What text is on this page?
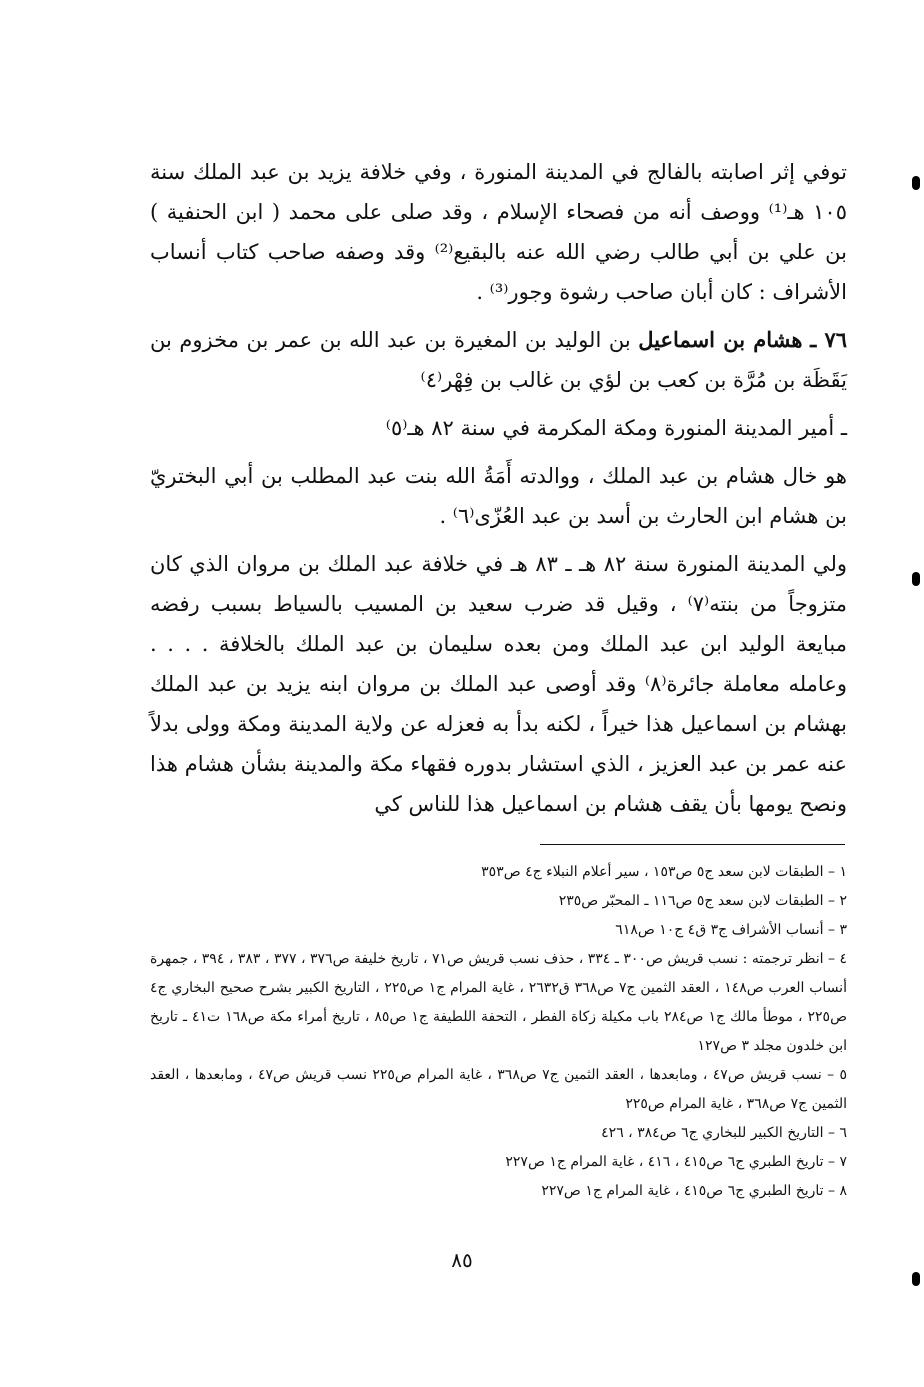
توفي إثر اصابته بالفالج في المدينة المنورة ، وفي خلافة يزيد بن عبد الملك سنة ١٠٥ هـ⁽¹⁾ ووصف أنه من فصحاء الإسلام ، وقد صلى على محمد ( ابن الحنفية ) بن علي بن أبي طالب رضي الله عنه بالبقيع⁽²⁾ وقد وصفه صاحب كتاب أنساب الأشراف : كان أبان صاحب رشوة وجور⁽³⁾ .

٧٦ ـ هشام بن اسماعيل بن الوليد بن المغيرة بن عبد الله بن عمر بن مخزوم بن يَقَظَة بن مُرَّة بن كعب بن لؤي بن غالب بن فِهْر⁽٤⁾

ـ أمير المدينة المنورة ومكة المكرمة في سنة ٨٢ هـ⁽٥⁾

هو خال هشام بن عبد الملك ، ووالدته أَمَةُ الله بنت عبد المطلب بن أبي البختريّ بن هشام ابن الحارث بن أسد بن عبد العُزّى⁽٦⁾ .

ولي المدينة المنورة سنة ٨٢ هـ ـ ٨٣ هـ في خلافة عبد الملك بن مروان الذي كان متزوجاً من بنته⁽٧⁾ ، وقيل قد ضرب سعيد بن المسيب بالسياط بسبب رفضه مبايعة الوليد ابن عبد الملك ومن بعده سليمان بن عبد الملك بالخلافة . . . . وعامله معاملة جائرة⁽٨⁾ وقد أوصى عبد الملك بن مروان ابنه يزيد بن عبد الملك بهشام بن اسماعيل هذا خيراً ، لكنه بدأ به فعزله عن ولاية المدينة ومكة وولى بدلاً عنه عمر بن عبد العزيز ، الذي استشار بدوره فقهاء مكة والمدينة بشأن هشام هذا ونصح يومها بأن يقف هشام بن اسماعيل هذا للناس كي

١ – الطبقات لابن سعد ج٥ ص١٥٣ ، سير أعلام النبلاء ج٤ ص٣٥٣

٢ – الطبقات لابن سعد ج٥ ص١١٦ ـ المحبّر ص٢٣٥

٣ – أنساب الأشراف ج٣ ق٤ ج١٠ ص٦١٨

٤ – انظر ترجمته : نسب قريش ص٣٠٠ ـ ٣٣٤ ، حذف نسب قريش ص٧١ ، تاريخ خليفة ص٣٧٦ ، ٣٧٧ ، ٣٨٣ ، ٣٩٤ ، جمهرة أنساب العرب ص١٤٨ ، العقد الثمين ج٧ ص٣٦٨ ق٢٦٣٢ ، غاية المرام ج١ ص٢٢٥ ، التاريخ الكبير بشرح صحيح البخاري ج٤ ص٢٢٥ ، موطأ مالك ج١ ص٢٨٤ باب مكيلة زكاة الفطر ، التحفة اللطيفة ج١ ص٨٥ ، تاريخ أمراء مكة ص١٦٨ ت٤١ ـ تاريخ ابن خلدون مجلد ٣ ص١٢٧

٥ – نسب قريش ص٤٧ ، ومابعدها ، العقد الثمين ج٧ ص٣٦٨ ، غاية المرام ص٢٢٥ نسب قريش ص٤٧ ، ومابعدها ، العقد الثمين ج٧ ص٣٦٨ ، غاية المرام ص٢٢٥

٦ – التاريخ الكبير للبخاري ج٦ ص٣٨٤ ، ٤٢٦

٧ – تاريخ الطبري ج٦ ص٤١٥ ، ٤١٦ ، غاية المرام ج١ ص٢٢٧

٨ – تاريخ الطبري ج٦ ص٤١٥ ، غاية المرام ج١ ص٢٢٧

٨٥
